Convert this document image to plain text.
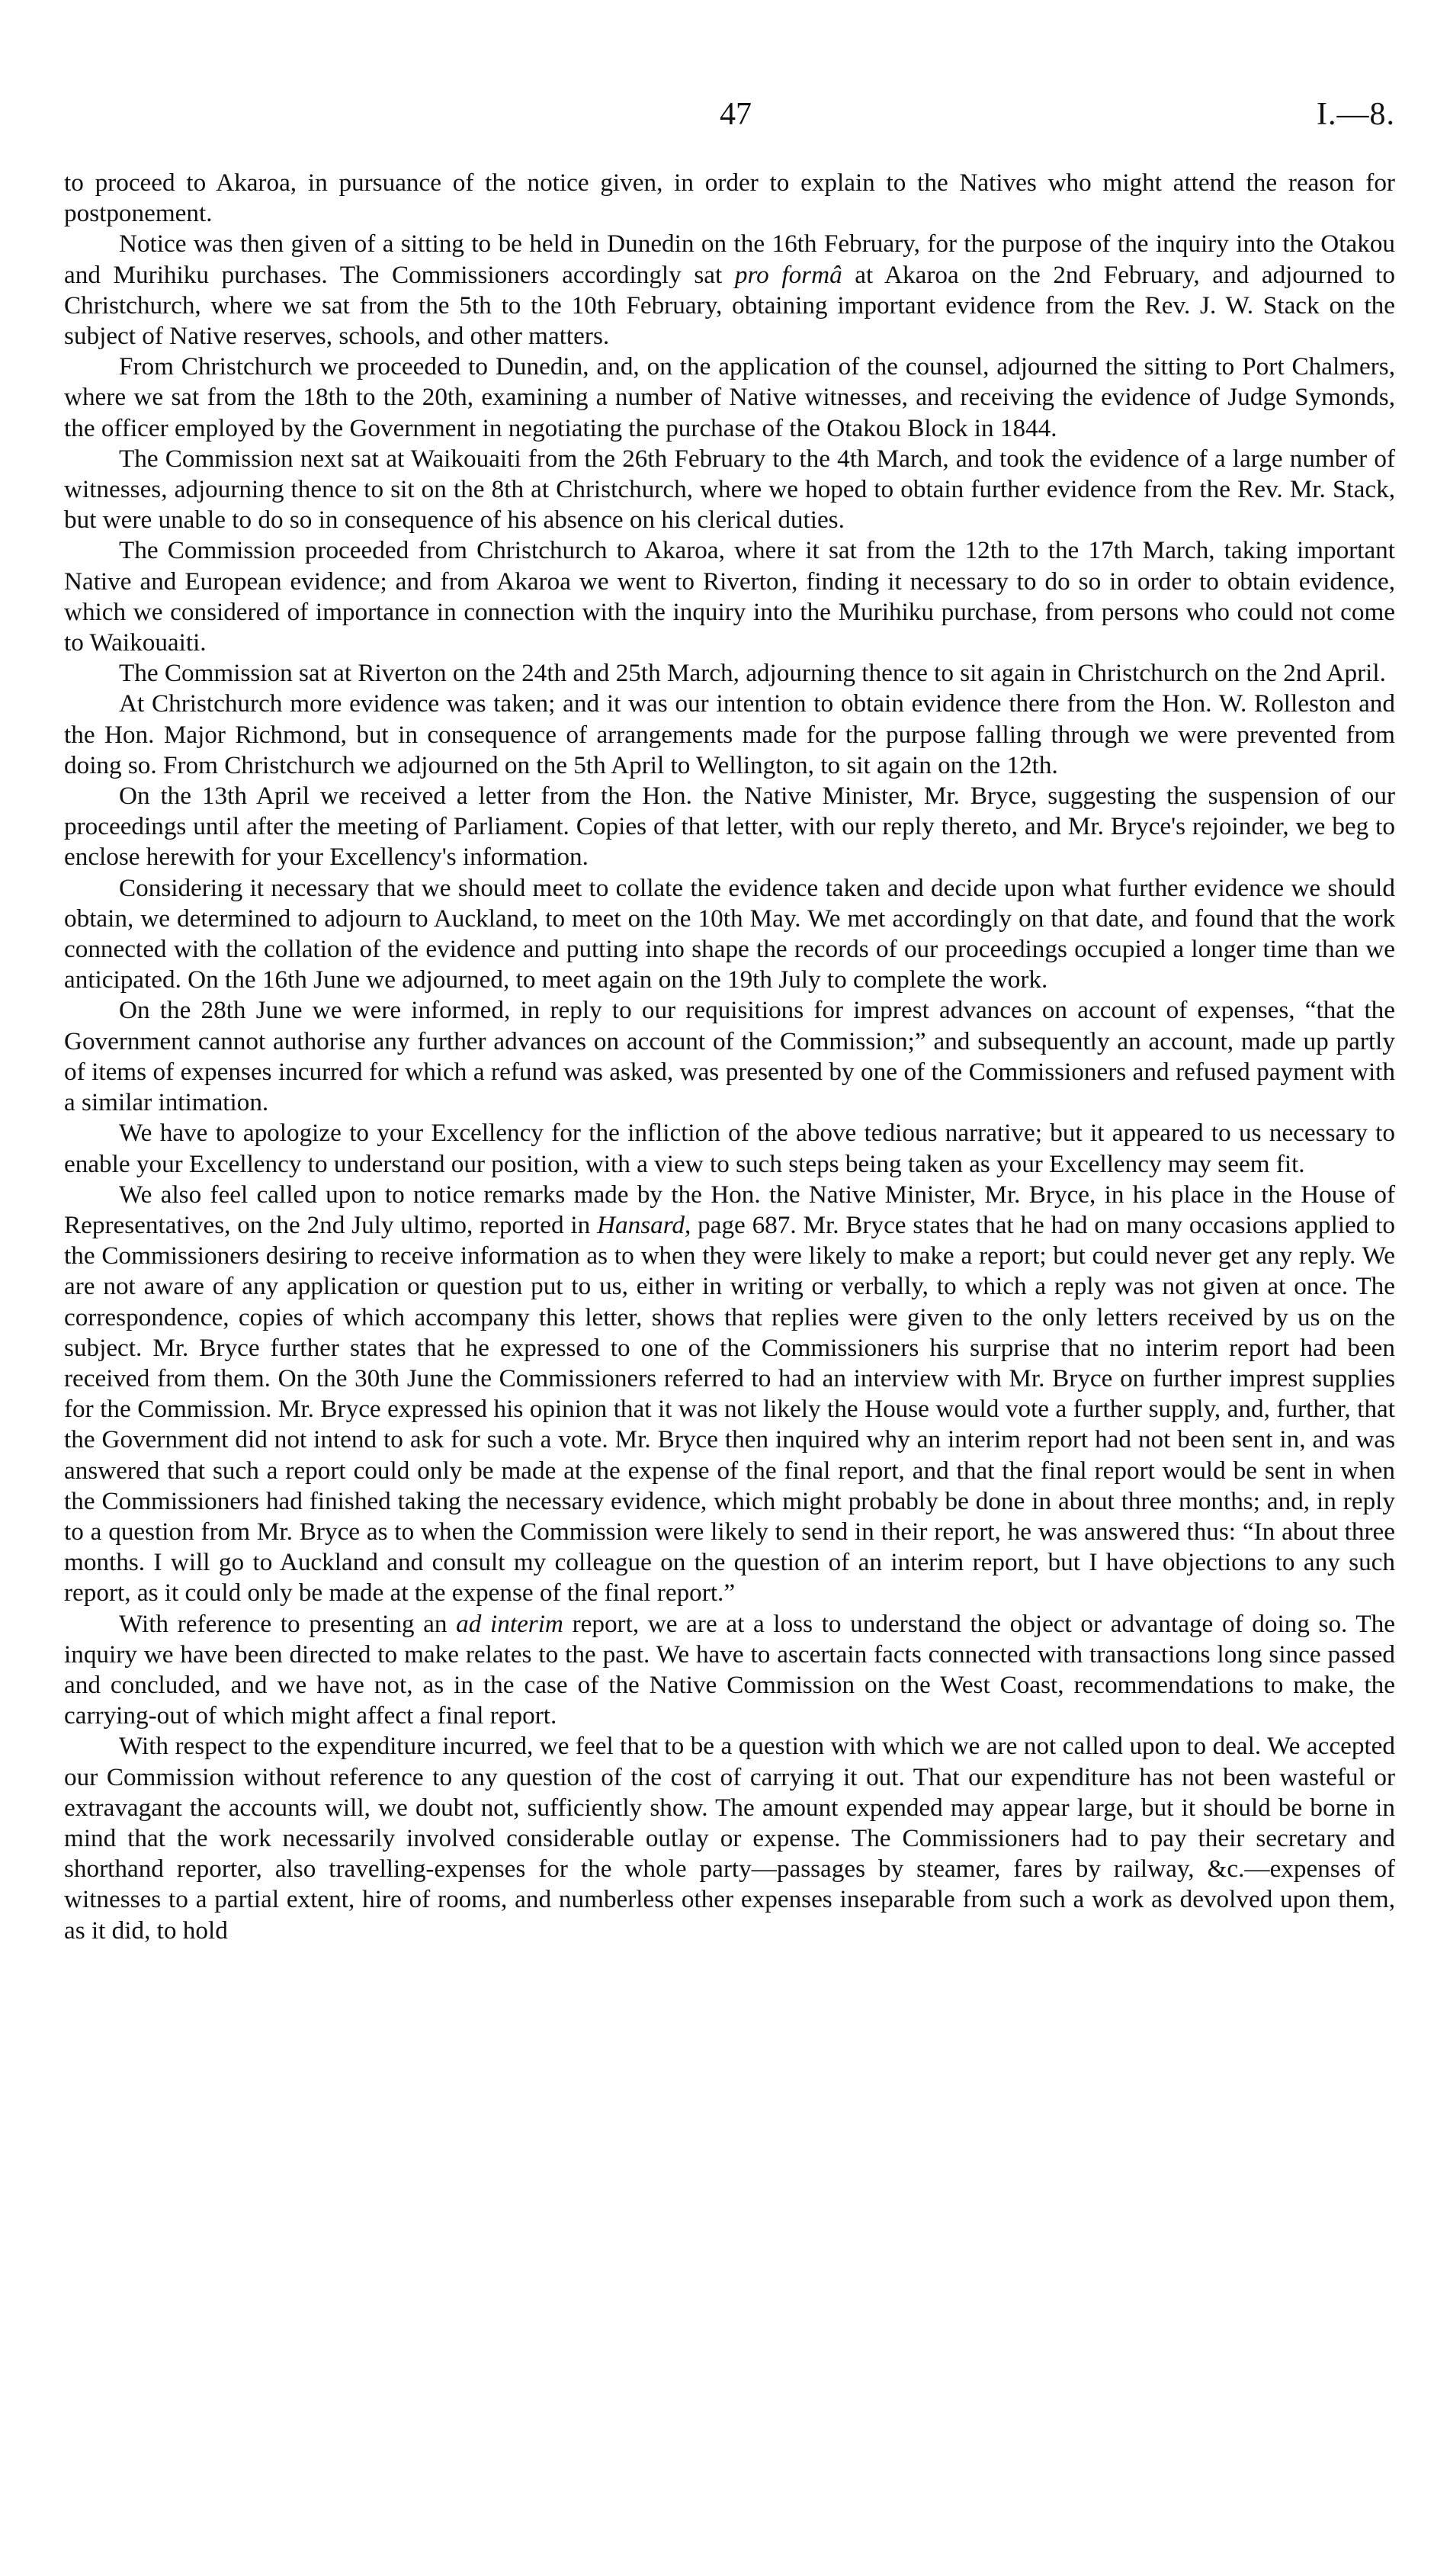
47	I.—8.

to proceed to Akaroa, in pursuance of the notice given, in order to explain to the Natives who might attend the reason for postponement.

Notice was then given of a sitting to be held in Dunedin on the 16th February, for the purpose of the inquiry into the Otakou and Murihiku purchases. The Commissioners accordingly sat pro formâ at Akaroa on the 2nd February, and adjourned to Christchurch, where we sat from the 5th to the 10th February, obtaining important evidence from the Rev. J. W. Stack on the subject of Native reserves, schools, and other matters.

From Christchurch we proceeded to Dunedin, and, on the application of the counsel, adjourned the sitting to Port Chalmers, where we sat from the 18th to the 20th, examining a number of Native witnesses, and receiving the evidence of Judge Symonds, the officer employed by the Government in negotiating the purchase of the Otakou Block in 1844.

The Commission next sat at Waikouaiti from the 26th February to the 4th March, and took the evidence of a large number of witnesses, adjourning thence to sit on the 8th at Christchurch, where we hoped to obtain further evidence from the Rev. Mr. Stack, but were unable to do so in consequence of his absence on his clerical duties.

The Commission proceeded from Christchurch to Akaroa, where it sat from the 12th to the 17th March, taking important Native and European evidence; and from Akaroa we went to Riverton, finding it necessary to do so in order to obtain evidence, which we considered of importance in connection with the inquiry into the Murihiku purchase, from persons who could not come to Waikouaiti.

The Commission sat at Riverton on the 24th and 25th March, adjourning thence to sit again in Christchurch on the 2nd April.

At Christchurch more evidence was taken; and it was our intention to obtain evidence there from the Hon. W. Rolleston and the Hon. Major Richmond, but in consequence of arrangements made for the purpose falling through we were prevented from doing so. From Christchurch we adjourned on the 5th April to Wellington, to sit again on the 12th.

On the 13th April we received a letter from the Hon. the Native Minister, Mr. Bryce, suggesting the suspension of our proceedings until after the meeting of Parliament. Copies of that letter, with our reply thereto, and Mr. Bryce's rejoinder, we beg to enclose herewith for your Excellency's information.

Considering it necessary that we should meet to collate the evidence taken and decide upon what further evidence we should obtain, we determined to adjourn to Auckland, to meet on the 10th May. We met accordingly on that date, and found that the work connected with the collation of the evidence and putting into shape the records of our proceedings occupied a longer time than we anticipated. On the 16th June we adjourned, to meet again on the 19th July to complete the work.

On the 28th June we were informed, in reply to our requisitions for imprest advances on account of expenses, “that the Government cannot authorise any further advances on account of the Commission;” and subsequently an account, made up partly of items of expenses incurred for which a refund was asked, was presented by one of the Commissioners and refused payment with a similar intimation.

We have to apologize to your Excellency for the infliction of the above tedious narrative; but it appeared to us necessary to enable your Excellency to understand our position, with a view to such steps being taken as your Excellency may seem fit.

We also feel called upon to notice remarks made by the Hon. the Native Minister, Mr. Bryce, in his place in the House of Representatives, on the 2nd July ultimo, reported in Hansard, page 687. Mr. Bryce states that he had on many occasions applied to the Commissioners desiring to receive information as to when they were likely to make a report; but could never get any reply. We are not aware of any application or question put to us, either in writing or verbally, to which a reply was not given at once. The correspondence, copies of which accompany this letter, shows that replies were given to the only letters received by us on the subject. Mr. Bryce further states that he expressed to one of the Commissioners his surprise that no interim report had been received from them. On the 30th June the Commissioners referred to had an interview with Mr. Bryce on further imprest supplies for the Commission. Mr. Bryce expressed his opinion that it was not likely the House would vote a further supply, and, further, that the Government did not intend to ask for such a vote. Mr. Bryce then inquired why an interim report had not been sent in, and was answered that such a report could only be made at the expense of the final report, and that the final report would be sent in when the Commissioners had finished taking the necessary evidence, which might probably be done in about three months; and, in reply to a question from Mr. Bryce as to when the Commission were likely to send in their report, he was answered thus: “In about three months. I will go to Auckland and consult my colleague on the question of an interim report, but I have objections to any such report, as it could only be made at the expense of the final report.”

With reference to presenting an ad interim report, we are at a loss to understand the object or advantage of doing so. The inquiry we have been directed to make relates to the past. We have to ascertain facts connected with transactions long since passed and concluded, and we have not, as in the case of the Native Commission on the West Coast, recommendations to make, the carrying-out of which might affect a final report.

With respect to the expenditure incurred, we feel that to be a question with which we are not called upon to deal. We accepted our Commission without reference to any question of the cost of carrying it out. That our expenditure has not been wasteful or extravagant the accounts will, we doubt not, sufficiently show. The amount expended may appear large, but it should be borne in mind that the work necessarily involved considerable outlay or expense. The Commissioners had to pay their secretary and shorthand reporter, also travelling-expenses for the whole party—passages by steamer, fares by railway, &c.—expenses of witnesses to a partial extent, hire of rooms, and numberless other expenses inseparable from such a work as devolved upon them, as it did, to hold
